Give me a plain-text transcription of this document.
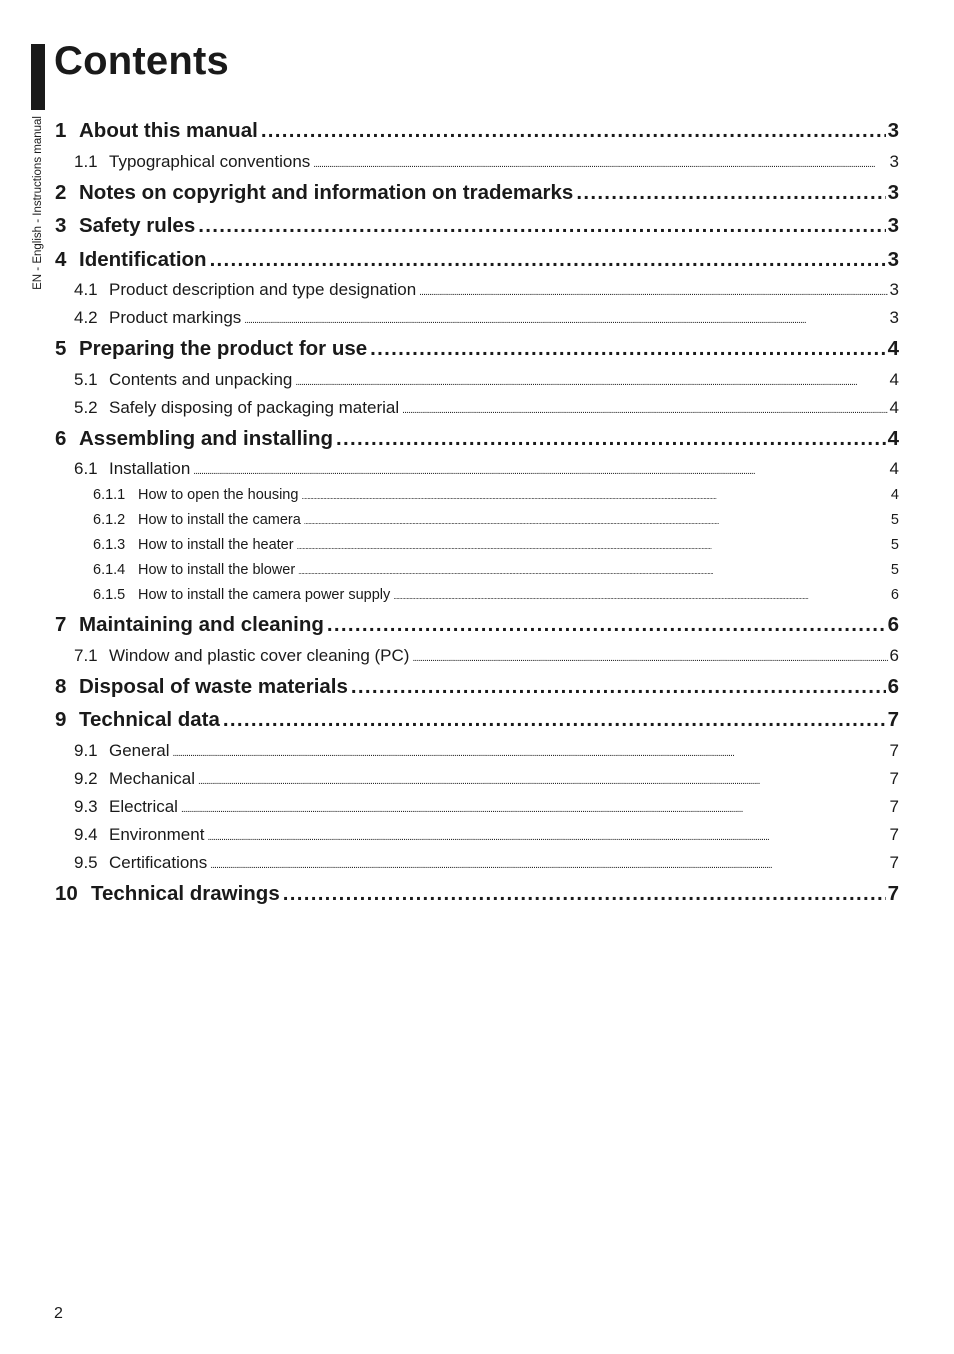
EN - English - Instructions manual
Contents
1 About this manual . . .	3
1.1 Typographical conventions . . .	3
2 Notes on copyright and information on trademarks . . .	3
3 Safety rules . . .	3
4 Identification . . .	3
4.1 Product description and type designation . . .	3
4.2 Product markings . . .	3
5 Preparing the product for use . . .	4
5.1 Contents and unpacking . . .	4
5.2 Safely disposing of packaging material . . .	4
6 Assembling and installing . . .	4
6.1 Installation . . .	4
6.1.1 How to open the housing . . .	4
6.1.2 How to install the camera . . .	5
6.1.3 How to install the heater . . .	5
6.1.4 How to install the blower . . .	5
6.1.5 How to install the camera power supply . . .	6
7 Maintaining and cleaning . . .	6
7.1 Window and plastic cover cleaning (PC) . . .	6
8 Disposal of waste materials . . .	6
9 Technical data . . .	7
9.1 General . . .	7
9.2 Mechanical . . .	7
9.3 Electrical . . .	7
9.4 Environment . . .	7
9.5 Certifications . . .	7
10 Technical drawings . . .	7
2
